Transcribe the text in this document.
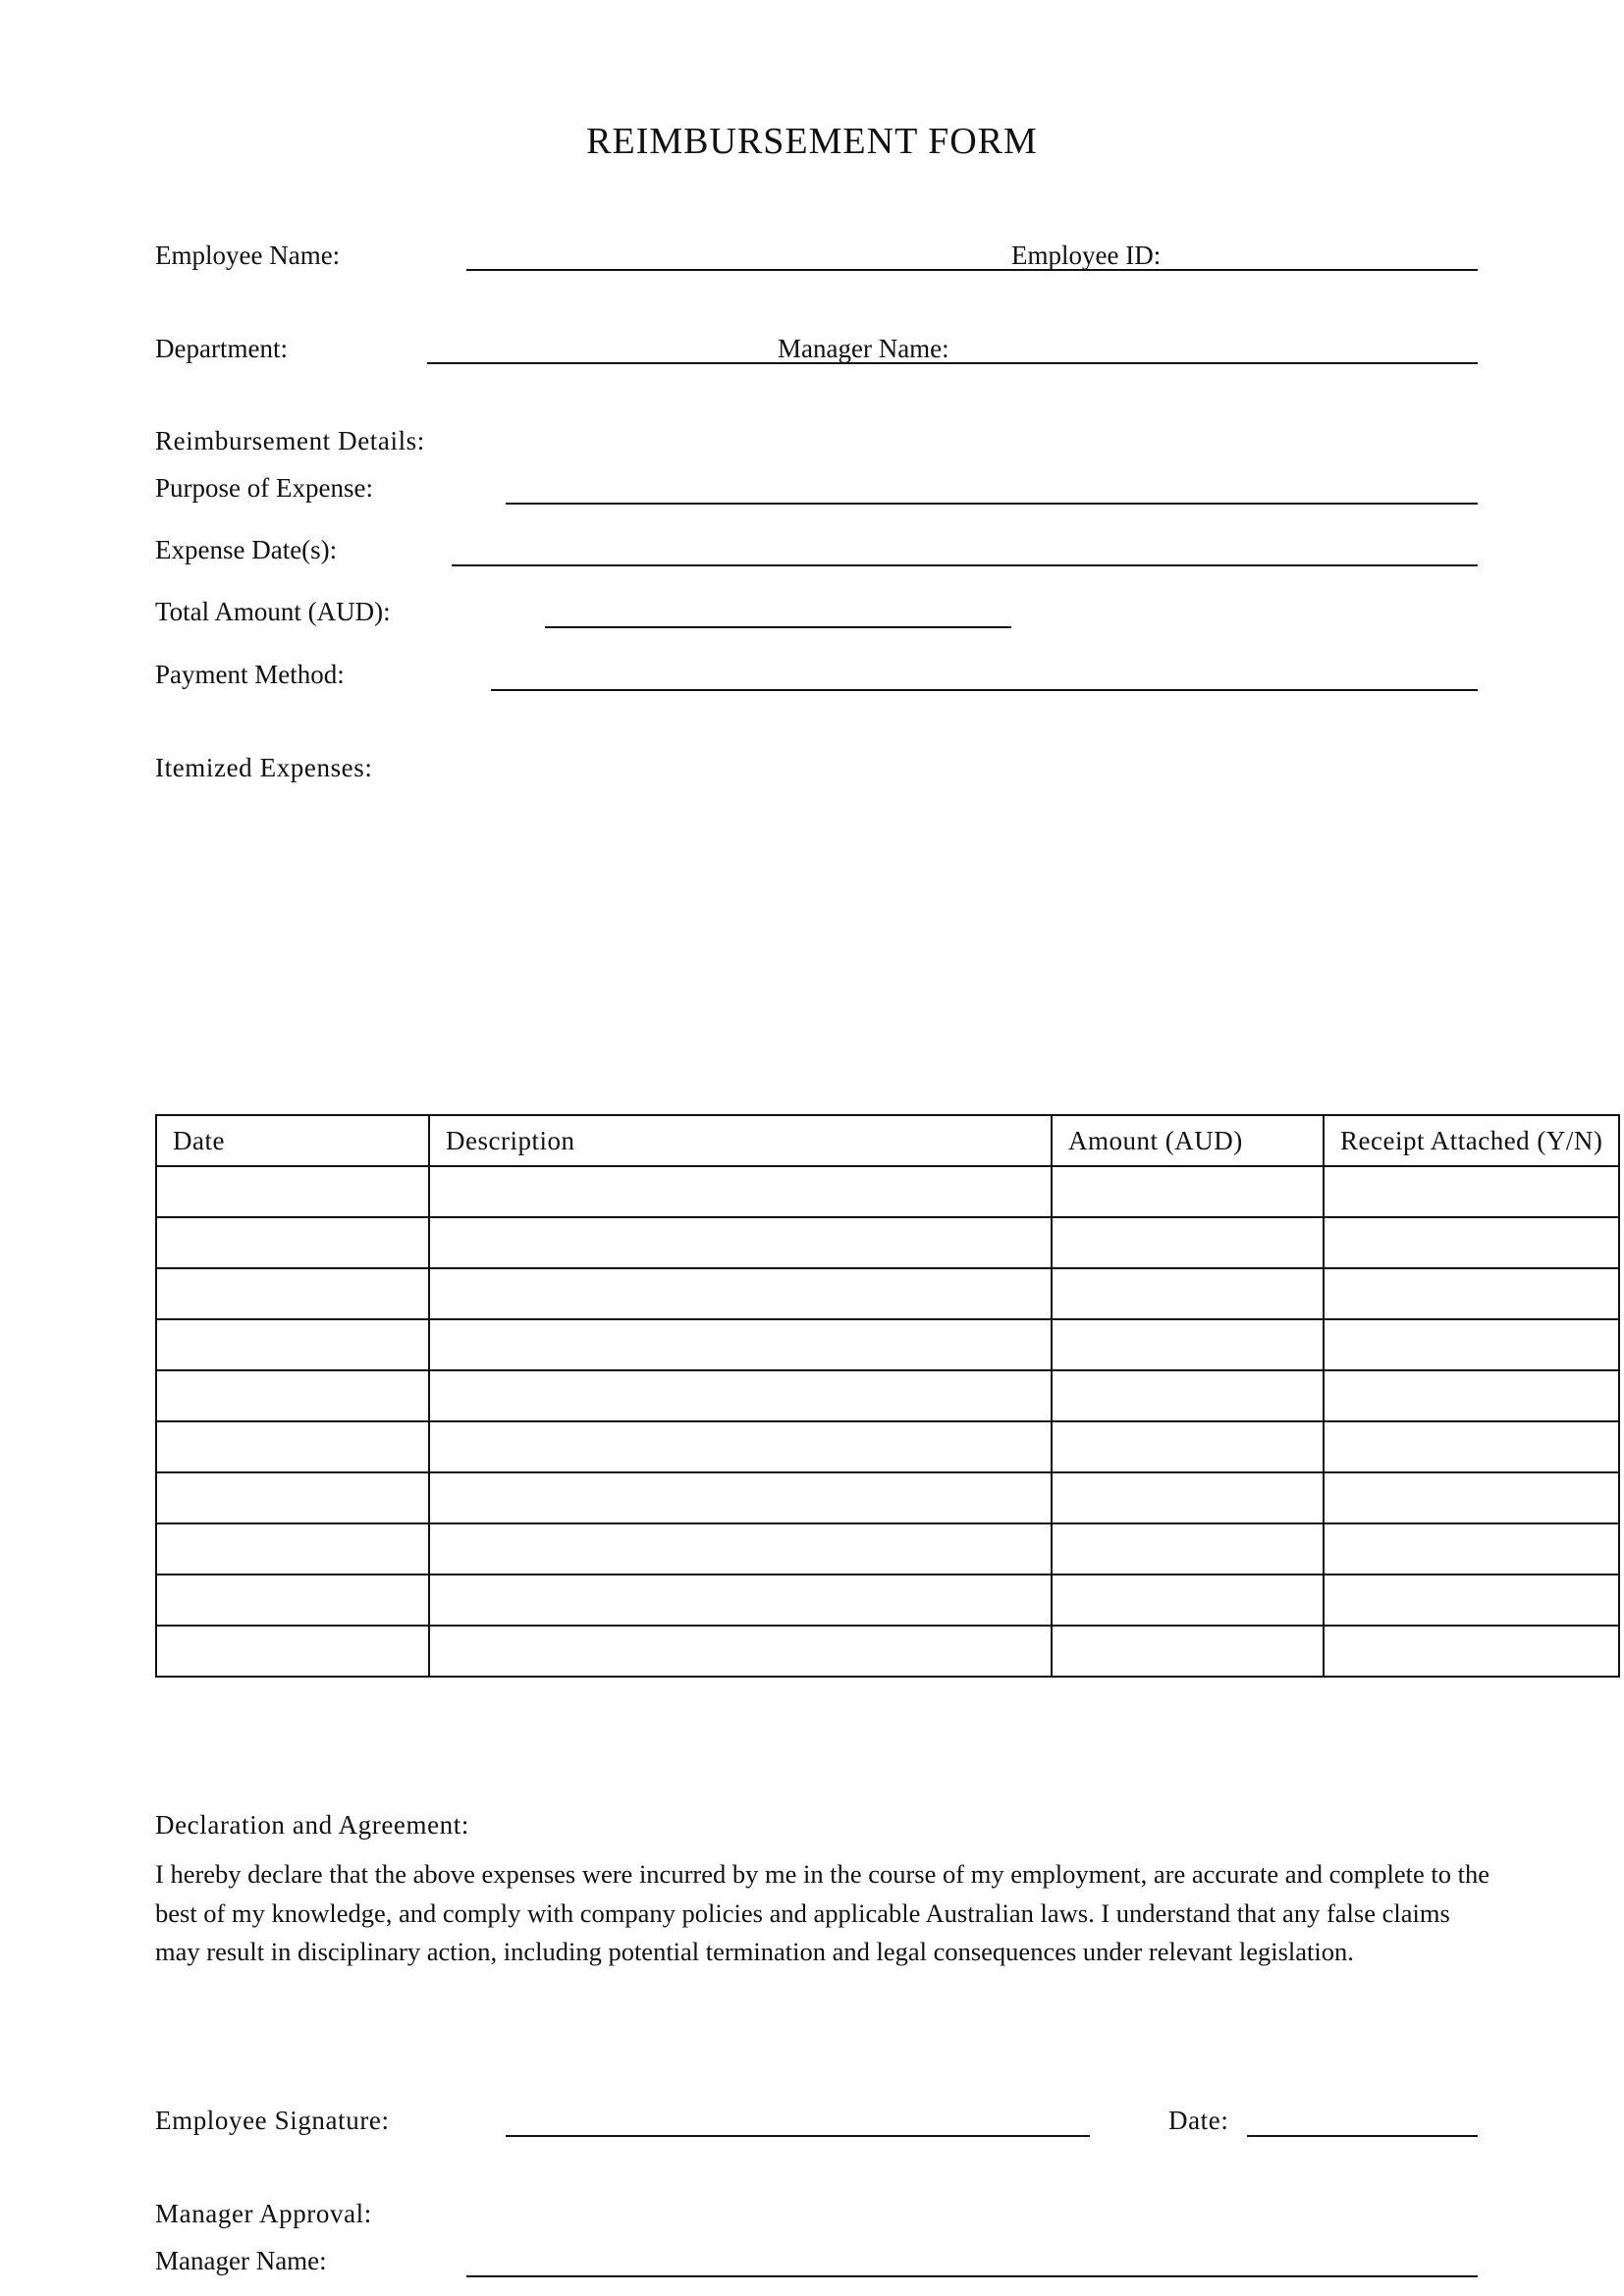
REIMBURSEMENT FORM
Employee Name:	Employee ID:
Department:	Manager Name:
Reimbursement Details:
Purpose of Expense:
Expense Date(s):
Total Amount (AUD):
Payment Method:
Itemized Expenses:
Date	Description	Amount (AUD)	Receipt Attached (Y/N)

Declaration and Agreement:
I hereby declare that the above expenses were incurred by me in the course of my employment, are accurate and complete to the best of my knowledge, and comply with company policies and applicable Australian laws. I understand that any false claims may result in disciplinary action, including potential termination and legal consequences under relevant legislation.
Employee Signature:	Date:
Manager Approval:
Manager Name:
